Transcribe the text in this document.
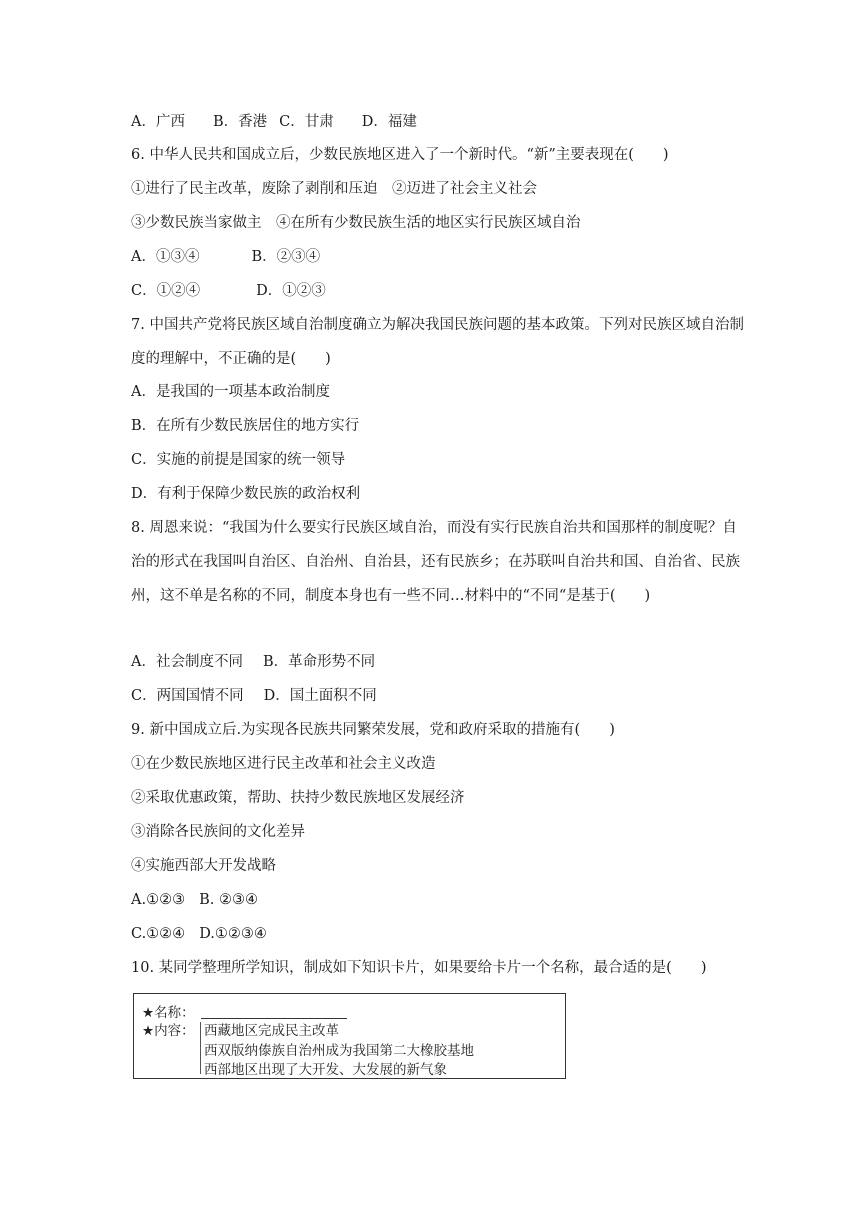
A．广西 B．香港 C．甘肃 D．福建
6. 中华人民共和国成立后，少数民族地区进入了一个新时代。“新”主要表现在(　　)
①进行了民主改革，废除了剥削和压迫　②迈进了社会主义社会
③少数民族当家做主　④在所有少数民族生活的地区实行民族区域自治
A．①③④	B．②③④
C．①②④	D．①②③
7. 中国共产党将民族区域自治制度确立为解决我国民族问题的基本政策。下列对民族区域自治制度的理解中，不正确的是(　　)
A．是我国的一项基本政治制度
B．在所有少数民族居住的地方实行
C．实施的前提是国家的统一领导
D．有利于保障少数民族的政治权利
8. 周恩来说：“我国为什么要实行民族区域自治，而没有实行民族自治共和国那样的制度呢？自治的形式在我国叫自治区、自治州、自治县，还有民族乡；在苏联叫自治共和国、自治省、民族州，这不单是名称的不同，制度本身也有一些不同…材料中的“不同“是基于(　　)
A．社会制度不同 B．革命形势不同
C．两国国情不同 D．国土面积不同
9. 新中国成立后.为实现各民族共同繁荣发展，党和政府采取的措施有(　　)
①在少数民族地区进行民主改革和社会主义改造
②采取优惠政策，帮助、扶持少数民族地区发展经济
③消除各民族间的文化差异
④实施西部大开发战略
A.①②③ B. ②③④
C.①②④ D.①②③④
10. 某同学整理所学知识，制成如下知识卡片，如果要给卡片一个名称，最合适的是(　　)
★名称：
★内容： 西藏地区完成民主改革
西双版纳傣族自治州成为我国第二大橡胶基地
西部地区出现了大开发、大发展的新气象
